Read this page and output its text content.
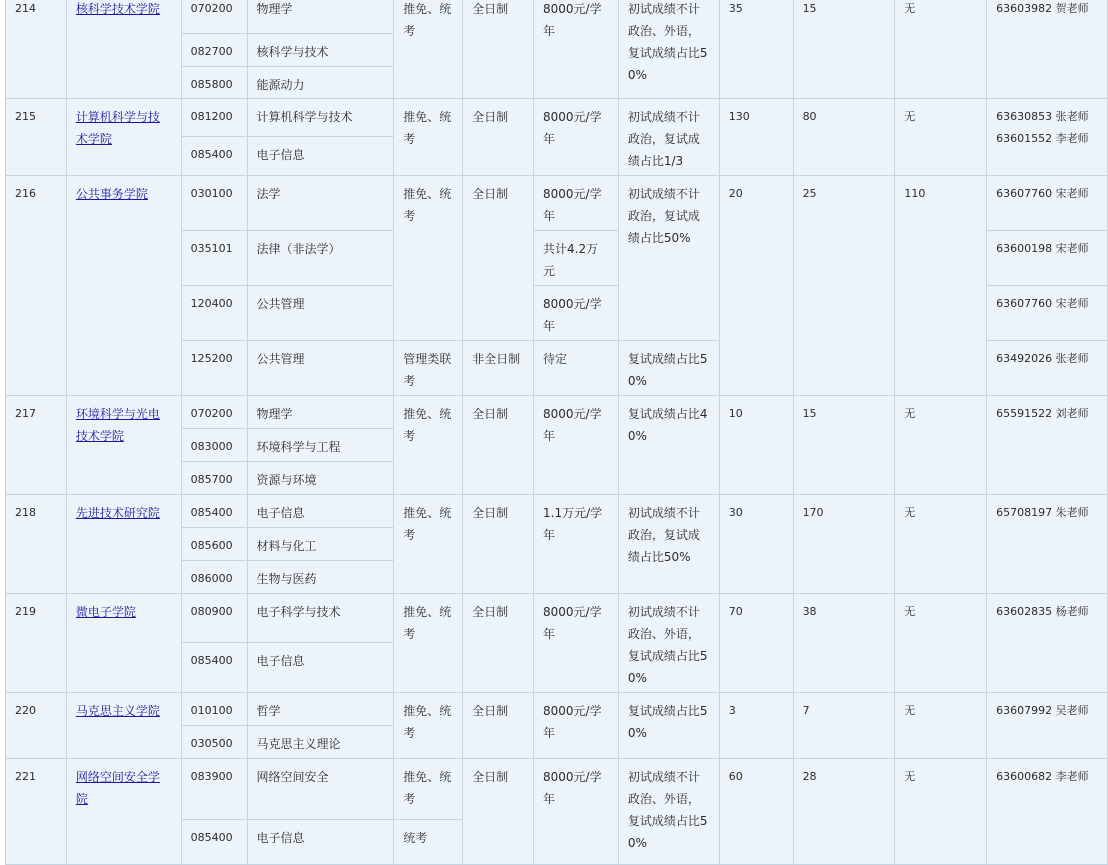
214	核科学技术学院	070200	物理学	推免、统考	全日制	8000元/学年	初试成绩不计政治、外语，复试成绩占比50%	35	15	无	63603982 贺老师
		082700	核科学与技术								
		085800	能源动力								
215	计算机科学与技术学院	081200	计算机科学与技术	推免、统考	全日制	8000元/学年	初试成绩不计政治，复试成绩占比1/3	130	80	无	63630853 张老师 63601552 李老师
		085400	电子信息								
216	公共事务学院	030100	法学	推免、统考	全日制	8000元/学年	初试成绩不计政治，复试成绩占比50%	20	25	110	63607760 宋老师
		035101	法律（非法学）			共计4.2万元					63600198 宋老师
		120400	公共管理			8000元/学年					63607760 宋老师
		125200	公共管理	管理类联考	非全日制	待定	复试成绩占比50%				63492026 张老师
217	环境科学与光电技术学院	070200	物理学	推免、统考	全日制	8000元/学年	复试成绩占比40%	10	15	无	65591522 刘老师
		083000	环境科学与工程								
		085700	资源与环境								
218	先进技术研究院	085400	电子信息	推免、统考	全日制	1.1万元/学年	初试成绩不计政治，复试成绩占比50%	30	170	无	65708197 朱老师
		085600	材料与化工								
		086000	生物与医药								
219	微电子学院	080900	电子科学与技术	推免、统考	全日制	8000元/学年	初试成绩不计政治、外语，复试成绩占比50%	70	38	无	63602835 杨老师
		085400	电子信息								
220	马克思主义学院	010100	哲学	推免、统考	全日制	8000元/学年	复试成绩占比50%	3	7	无	63607992 吴老师
		030500	马克思主义理论								
221	网络空间安全学院	083900	网络空间安全	推免、统考	全日制	8000元/学年	初试成绩不计政治、外语，复试成绩占比50%	60	28	无	63600682 李老师
		085400	电子信息	统考							
